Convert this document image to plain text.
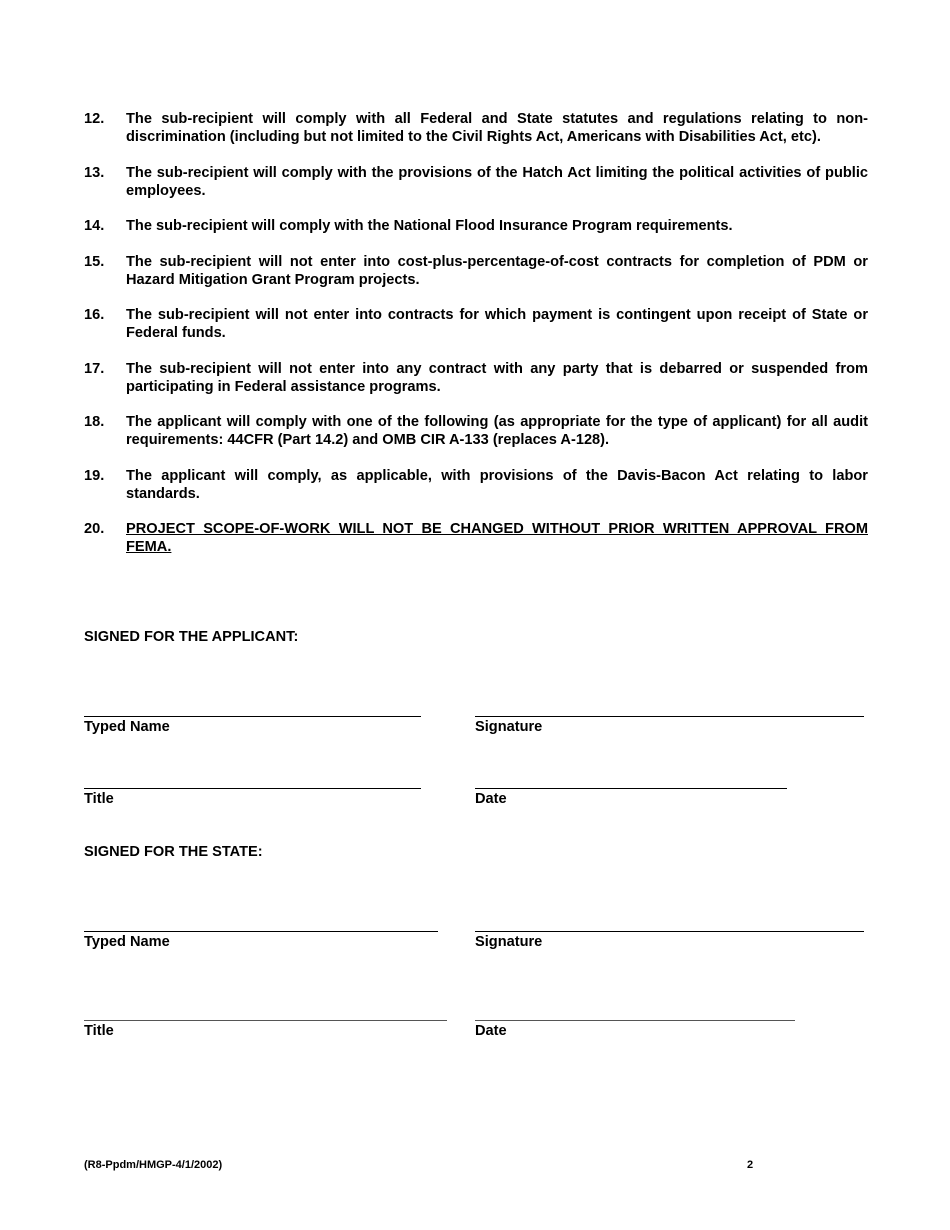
12.	The sub-recipient will comply with all Federal and State statutes and regulations relating to non-discrimination (including but not limited to the Civil Rights Act, Americans with Disabilities Act, etc).
13.	The sub-recipient will comply with the provisions of the Hatch Act limiting the political activities of public employees.
14.	The sub-recipient will comply with the National Flood Insurance Program requirements.
15.	The sub-recipient will not enter into cost-plus-percentage-of-cost contracts for completion of PDM or Hazard Mitigation Grant Program projects.
16.	The sub-recipient will not enter into contracts for which payment is contingent upon receipt of State or Federal funds.
17.	The sub-recipient will not enter into any contract with any party that is debarred or suspended from participating in Federal assistance programs.
18.	The applicant will comply with one of the following (as appropriate for the type of applicant) for all audit requirements: 44CFR (Part 14.2) and OMB CIR A-133 (replaces A-128).
19.	The applicant will comply, as applicable, with provisions of the Davis-Bacon Act relating to labor standards.
20.	PROJECT SCOPE-OF-WORK WILL NOT BE CHANGED WITHOUT PRIOR WRITTEN APPROVAL FROM FEMA.
SIGNED FOR THE APPLICANT:
Typed Name	Signature
Title	Date
SIGNED FOR THE STATE:
Typed Name	Signature
Title	Date
(R8-Ppdm/HMGP-4/1/2002)	2
